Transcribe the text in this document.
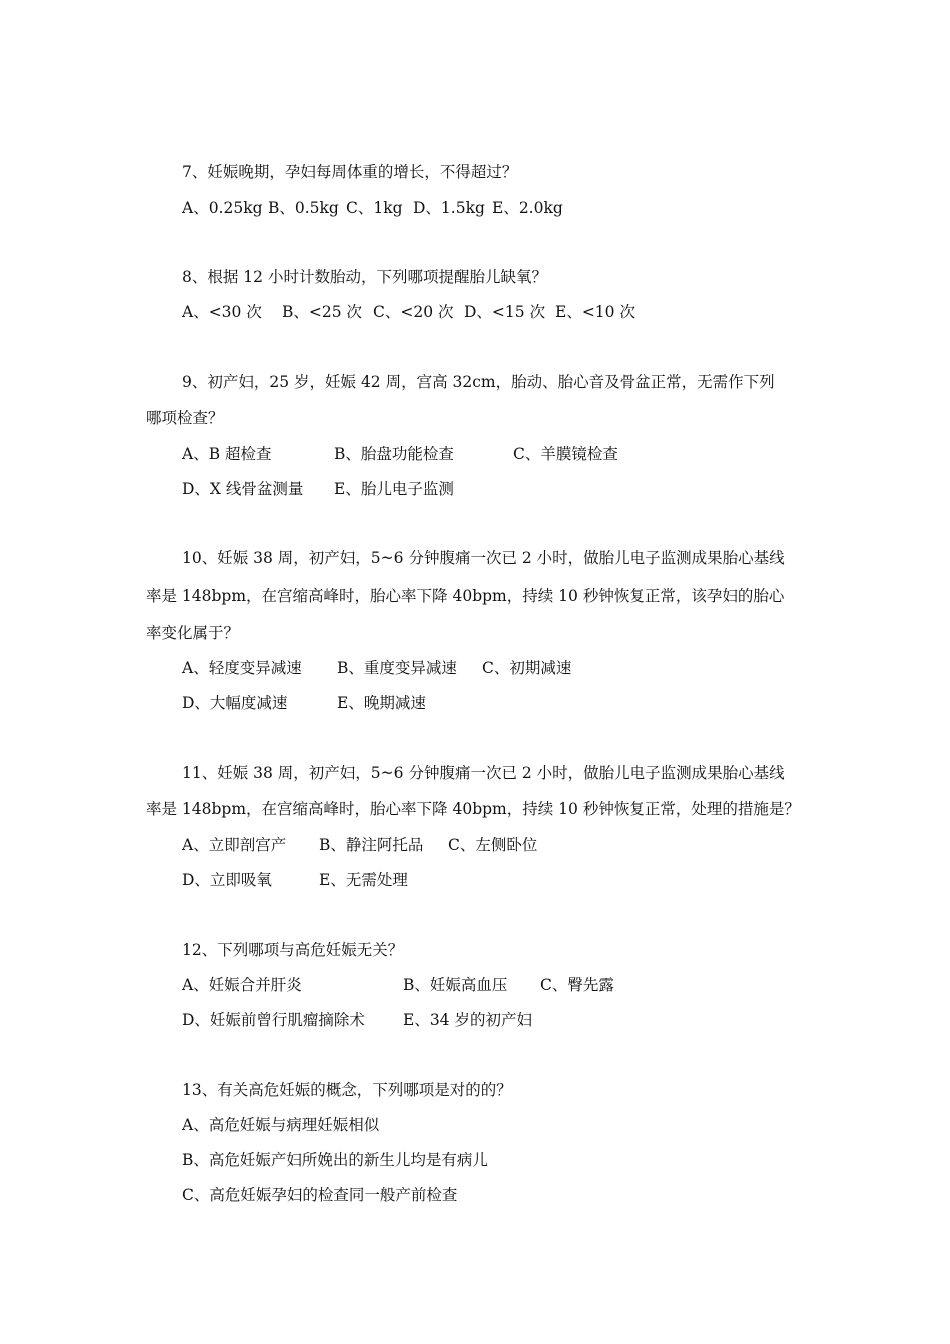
7、妊娠晚期，孕妇每周体重的增长，不得超过？
A、0.25kg B、0.5kg C、1kg D、1.5kg E、2.0kg
8、根据 12 小时计数胎动，下列哪项提醒胎儿缺氧？
A、<30 次 B、<25 次 C、<20 次 D、<15 次 E、<10 次
9、初产妇，25 岁，妊娠 42 周，宫高 32cm，胎动、胎心音及骨盆正常，无需作下列
哪项检查？
A、B 超检查	B、胎盘功能检查	C、羊膜镜检查
D、X 线骨盆测量 E、胎儿电子监测
10、妊娠 38 周，初产妇，5~6 分钟腹痛一次已 2 小时，做胎儿电子监测成果胎心基线
率是 148bpm，在宫缩高峰时，胎心率下降 40bpm，持续 10 秒钟恢复正常，该孕妇的胎心
率变化属于？
A、轻度变异减速 B、重度变异减速 C、初期减速
D、大幅度减速	E、晚期减速
11、妊娠 38 周，初产妇，5~6 分钟腹痛一次已 2 小时，做胎儿电子监测成果胎心基线
率是 148bpm，在宫缩高峰时，胎心率下降 40bpm，持续 10 秒钟恢复正常，处理的措施是？
A、立即剖宫产 B、静注阿托品 C、左侧卧位
D、立即吸氧	E、无需处理
12、下列哪项与高危妊娠无关？
A、妊娠合并肝炎	B、妊娠高血压 C、臀先露
D、妊娠前曾行肌瘤摘除术 E、34 岁的初产妇
13、有关高危妊娠的概念，下列哪项是对的的？
A、高危妊娠与病理妊娠相似
B、高危妊娠产妇所娩出的新生儿均是有病儿
C、高危妊娠孕妇的检查同一般产前检查
